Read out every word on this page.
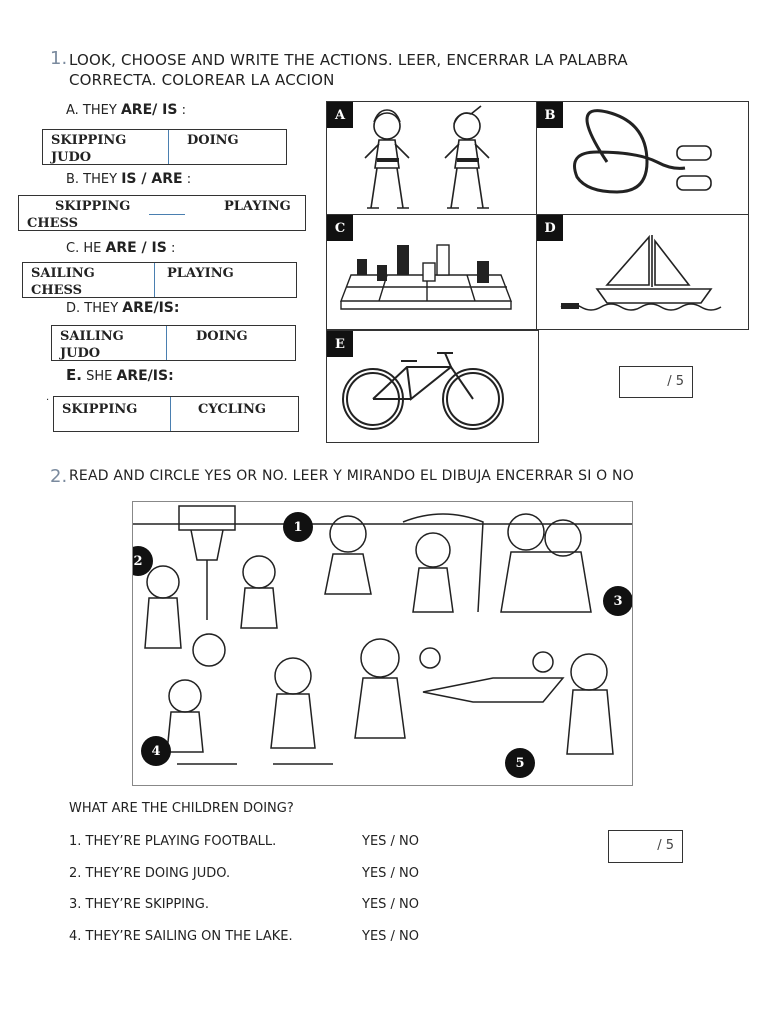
1. LOOK, CHOOSE AND WRITE THE ACTIONS. LEER, ENCERRAR LA PALABRA
CORRECTA. COLOREAR LA ACCION
A. THEY ARE/ IS :
SKIPPING	DOING
JUDO
B. THEY IS / ARE :
SKIPPING	PLAYING
CHESS
C. HE ARE / IS :
SAILING	PLAYING
CHESS
D. THEY ARE/IS:
SAILING	DOING
JUDO
E. SHE ARE/IS:
.
SKIPPING	CYCLING
A	B
C	D
E
/ 5
2. READ AND CIRCLE YES OR NO. LEER Y MIRANDO EL DIBUJA ENCERRAR SI O NO
1
2
3
4
5
WHAT ARE THE CHILDREN DOING?
1. THEY’RE PLAYING FOOTBALL.	YES / NO
2. THEY’RE DOING JUDO.	YES / NO
3. THEY’RE SKIPPING.	YES / NO
4. THEY’RE SAILING ON THE LAKE.	YES / NO
/ 5
